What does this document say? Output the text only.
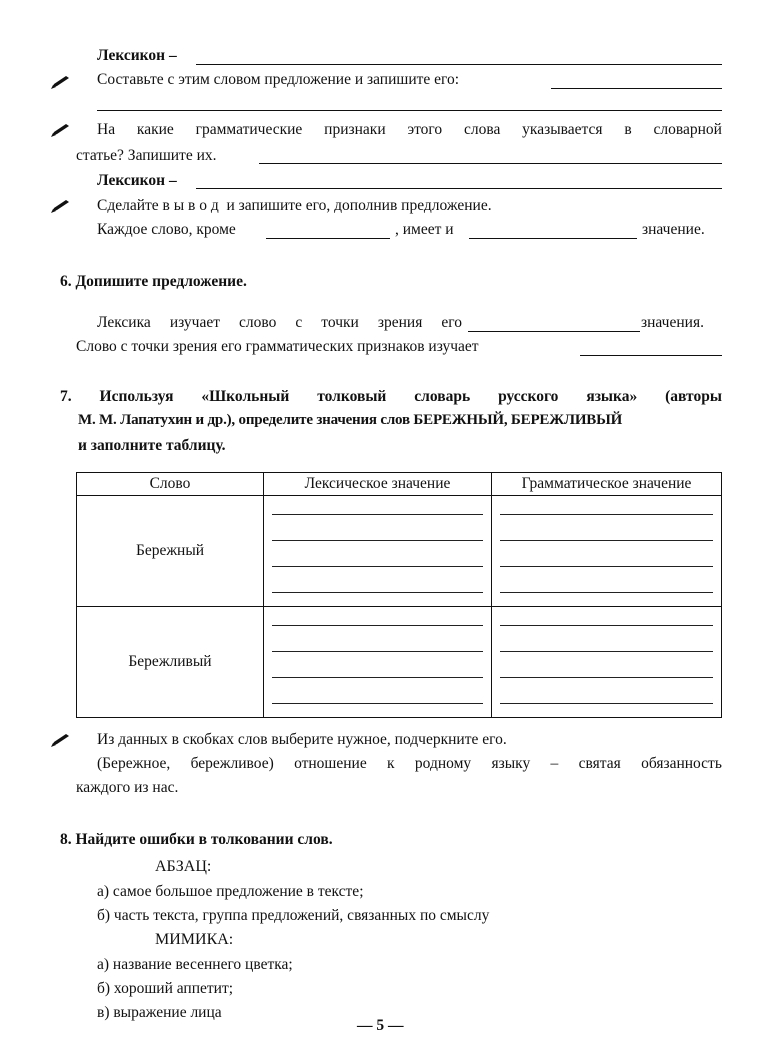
Лексикон –
Составьте с этим словом предложение и запишите его:
На какие грамматические признаки этого слова указывается в словарной
статье? Запишите их.
Лексикон –
Сделайте в ы в о д и запишите его, дополнив предложение.
Каждое слово, кроме	, имеет и	значение.
6. Допишите предложение.
Лексика изучает слово с точки зрения его	значения.
Слово с точки зрения его грамматических признаков изучает
7. Используя «Школьный толковый словарь русского языка» (авторы
М. М. Лапатухин и др.), определите значения слов БЕРЕЖНЫЙ, БЕРЕЖЛИВЫЙ
и заполните таблицу.
Слово	Лексическое значение	Грамматическое значение
Бережный	

Бережливый	

Из данных в скобках слов выберите нужное, подчеркните его.
(Бережное, бережливое) отношение к родному языку – святая обязанность
каждого из нас.
8. Найдите ошибки в толковании слов.
АБЗАЦ:
а) самое большое предложение в тексте;
б) часть текста, группа предложений, связанных по смыслу
МИМИКА:
а) название весеннего цветка;
б) хороший аппетит;
в) выражение лица
— 5 —
